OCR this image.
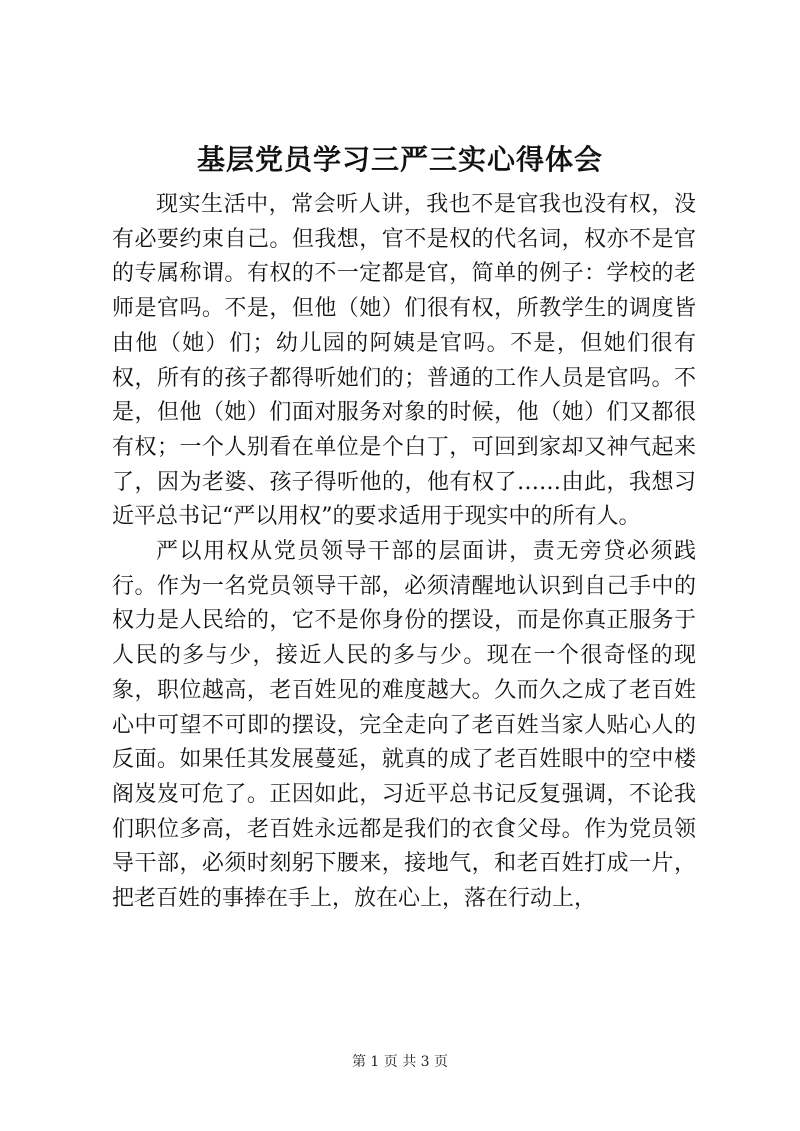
基层党员学习三严三实心得体会

现实生活中，常会听人讲，我也不是官我也没有权，没有必要约束自己。但我想，官不是权的代名词，权亦不是官的专属称谓。有权的不一定都是官，简单的例子：学校的老师是官吗。不是，但他（她）们很有权，所教学生的调度皆由他（她）们；幼儿园的阿姨是官吗。不是，但她们很有权，所有的孩子都得听她们的；普通的工作人员是官吗。不是，但他（她）们面对服务对象的时候，他（她）们又都很有权；一个人别看在单位是个白丁，可回到家却又神气起来了，因为老婆、孩子得听他的，他有权了……由此，我想习近平总书记“严以用权”的要求适用于现实中的所有人。

严以用权从党员领导干部的层面讲，责无旁贷必须践行。作为一名党员领导干部，必须清醒地认识到自己手中的权力是人民给的，它不是你身份的摆设，而是你真正服务于人民的多与少，接近人民的多与少。现在一个很奇怪的现象，职位越高，老百姓见的难度越大。久而久之成了老百姓心中可望不可即的摆设，完全走向了老百姓当家人贴心人的反面。如果任其发展蔓延，就真的成了老百姓眼中的空中楼阁岌岌可危了。正因如此，习近平总书记反复强调，不论我们职位多高，老百姓永远都是我们的衣食父母。作为党员领导干部，必须时刻躬下腰来，接地气，和老百姓打成一片，把老百姓的事捧在手上，放在心上，落在行动上，

第 1 页 共 3 页
